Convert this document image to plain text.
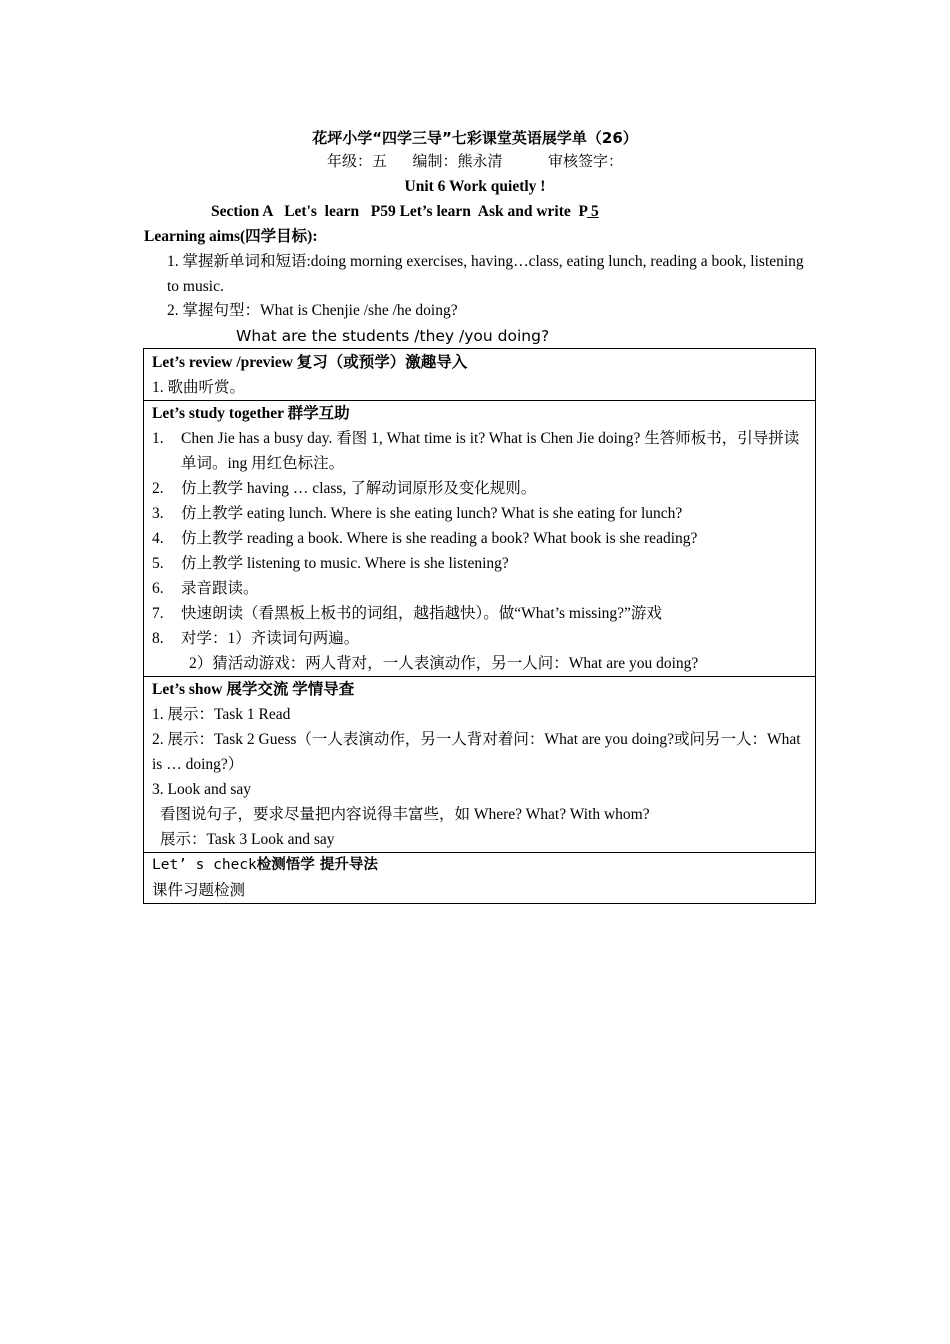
花坪小学“四学三导”七彩课堂英语展学单（26）
年级：五 编制：熊永清	审核签字：
Unit 6 Work quietly !
Section A   Let's  learn   P59 Let’s learn  Ask and write  P 5
Learning aims(四学目标):
1. 掌握新单词和短语:doing morning exercises, having…class, eating lunch, reading a book, listening to music.
2. 掌握句型：What is Chenjie /she /he doing?
What are the students /they /you doing?
Let’s review /preview 复习（或预学）激趣导入
1. 歌曲听赏。

Let’s study together 群学互助
1.	Chen Jie has a busy day. 看图 1, What time is it? What is Chen Jie doing? 生答师板书，引导拼读单词。ing 用红色标注。
2.	仿上教学 having … class, 了解动词原形及变化规则。
3.	仿上教学 eating lunch. Where is she eating lunch? What is she eating for lunch?
4.	仿上教学 reading a book. Where is she reading a book? What book is she reading?
5.	仿上教学 listening to music. Where is she listening?
6.	录音跟读。
7.	快速朗读（看黑板上板书的词组，越指越快）。做“What’s missing?”游戏
8.	对学：1）齐读词句两遍。
2）猜活动游戏：两人背对，一人表演动作，另一人问：What are you doing?

Let’s show 展学交流 学情导查
1. 展示：Task 1 Read
2. 展示：Task 2 Guess（一人表演动作，另一人背对着问：What are you doing?或问另一人：What is … doing?）
3. Look and say
看图说句子，要求尽量把内容说得丰富些，如 Where? What? With whom?
展示：Task 3 Look and say

Let’ s check检测悟学 提升导法
课件习题检测
